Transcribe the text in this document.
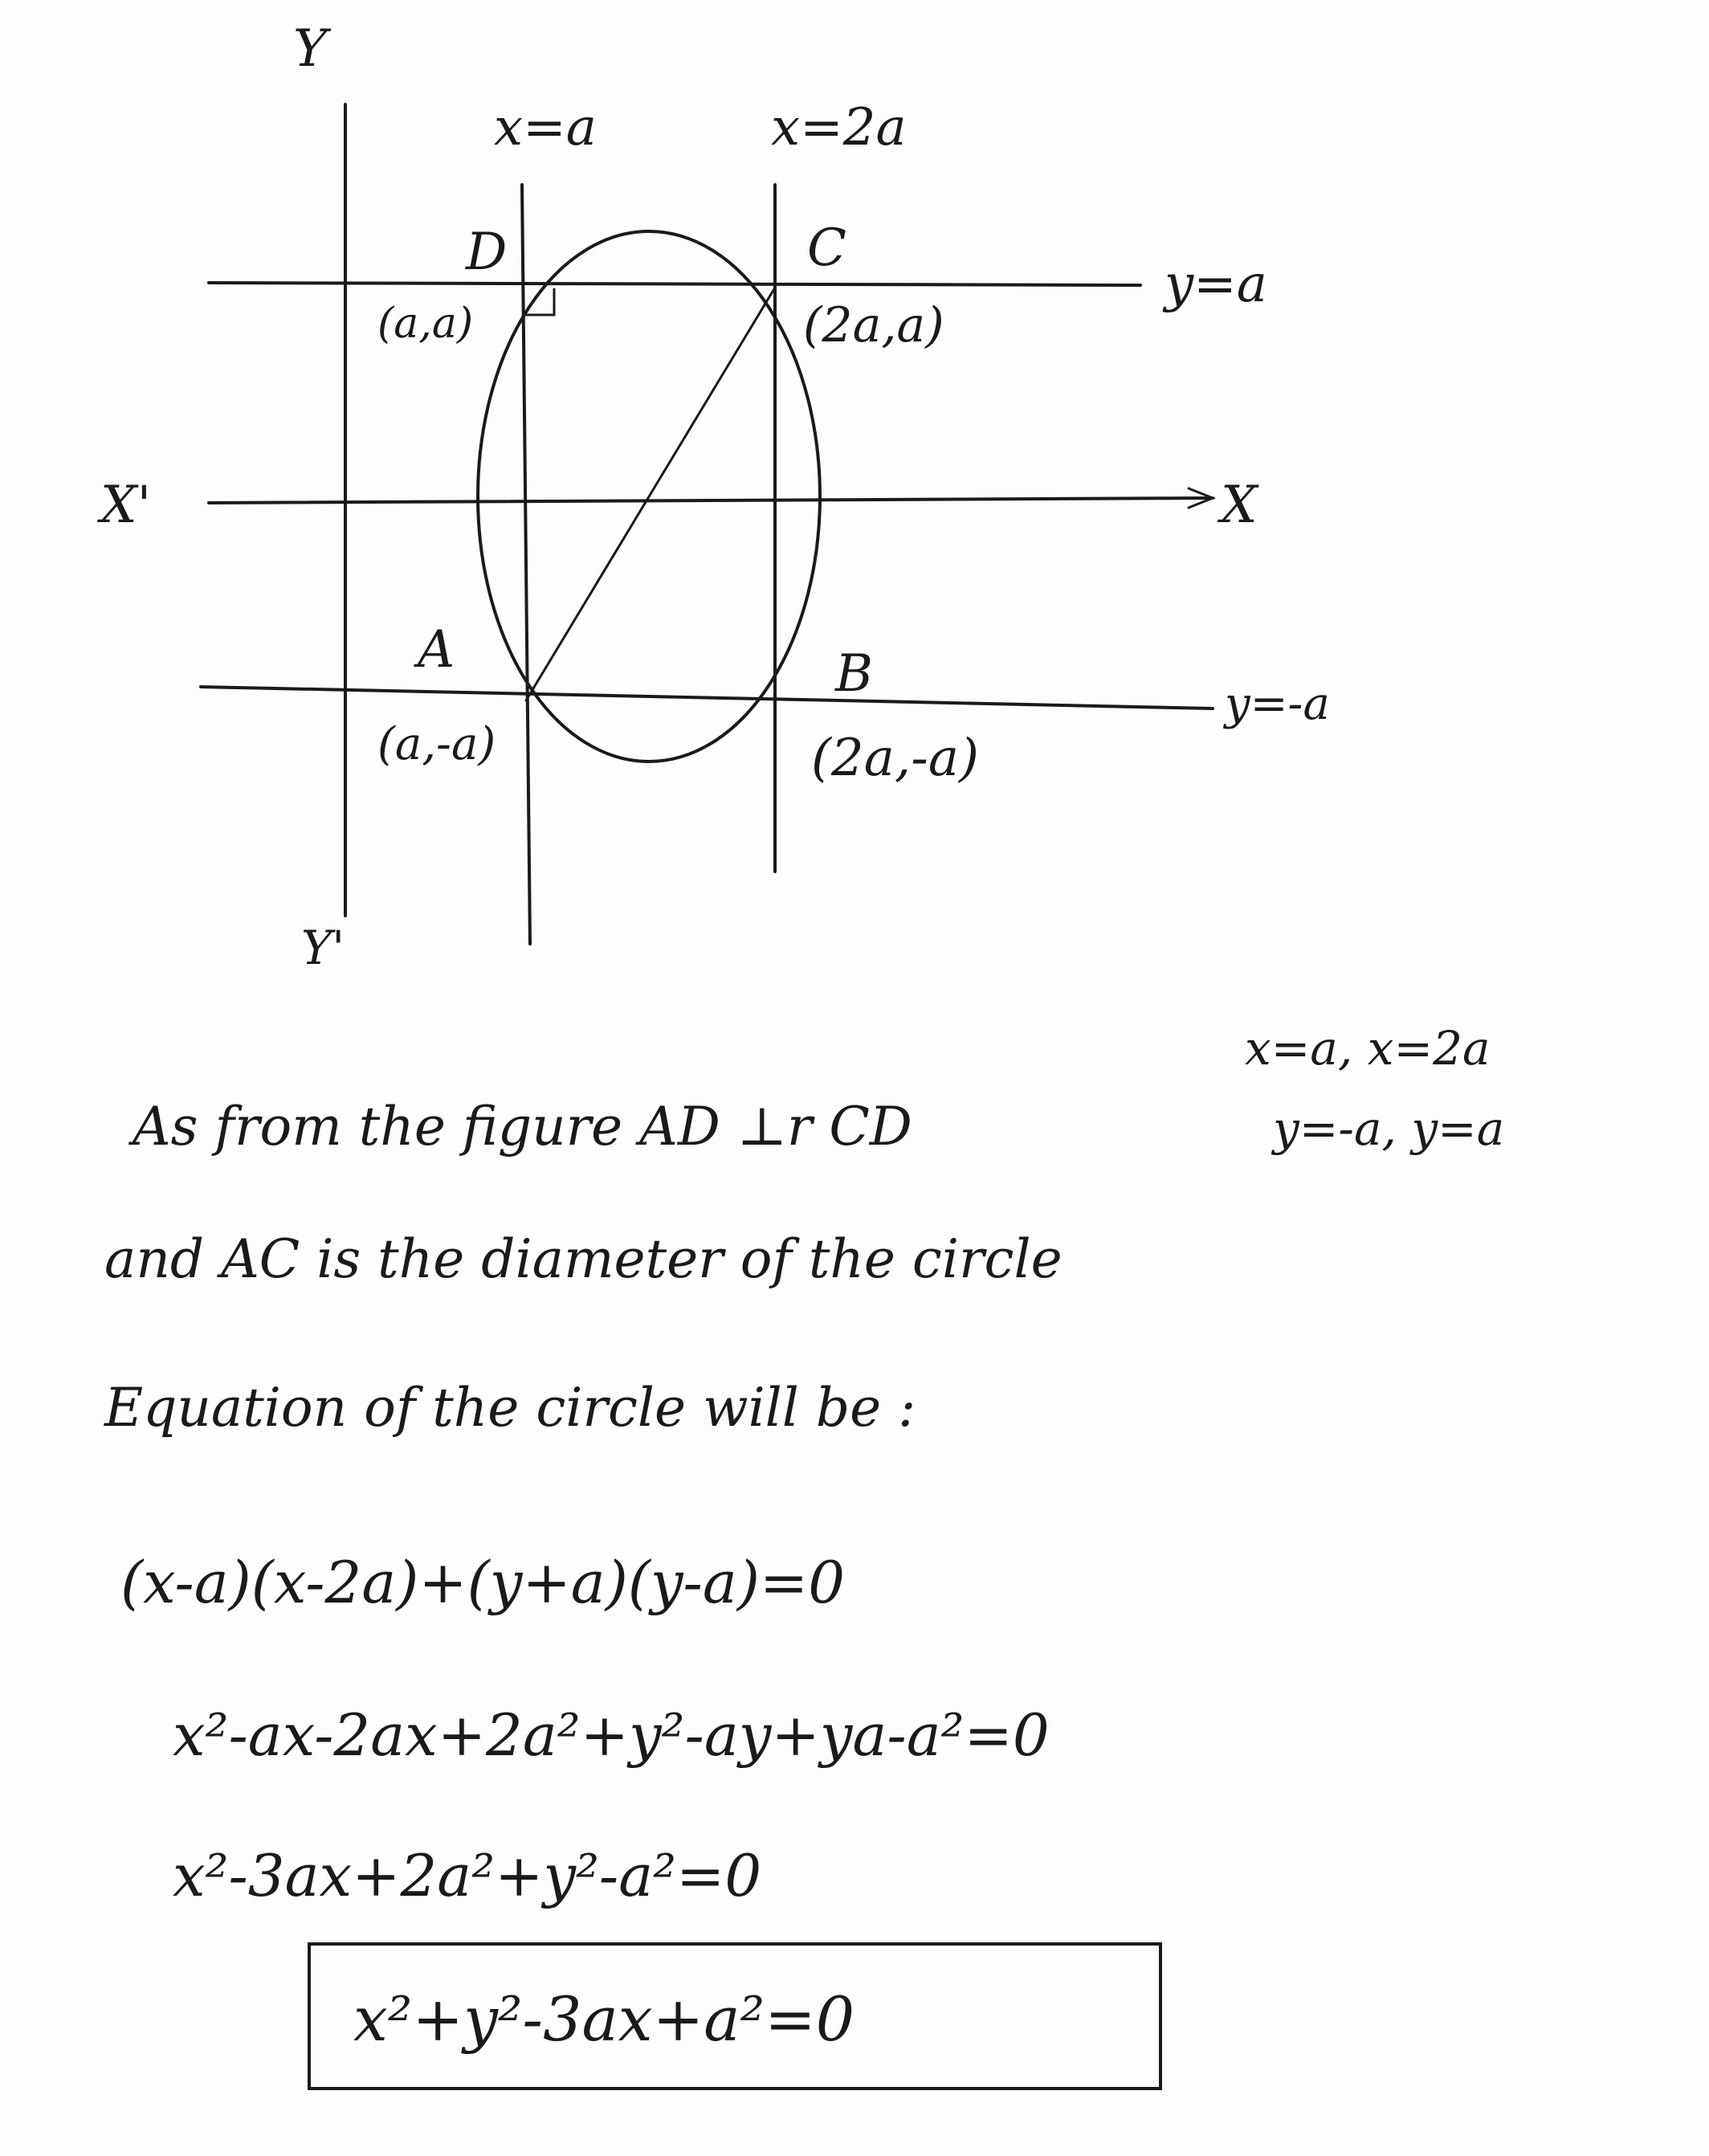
Y
Y'
X'	X
x=a	x=2a
y=a
y=-a
D
(a,a)
C
(2a,a)
A
(a,-a)
B
(2a,-a)
x=a, x=2a
y=-a, y=a
As from the figure AD ⊥r CD
and AC is the diameter of the circle
Equation of the circle will be :
(x-a)(x-2a)+(y+a)(y-a)=0
x²-ax-2ax+2a²+y²-ay+ya-a²=0
x²-3ax+2a²+y²-a²=0
x²+y²-3ax+a²=0
